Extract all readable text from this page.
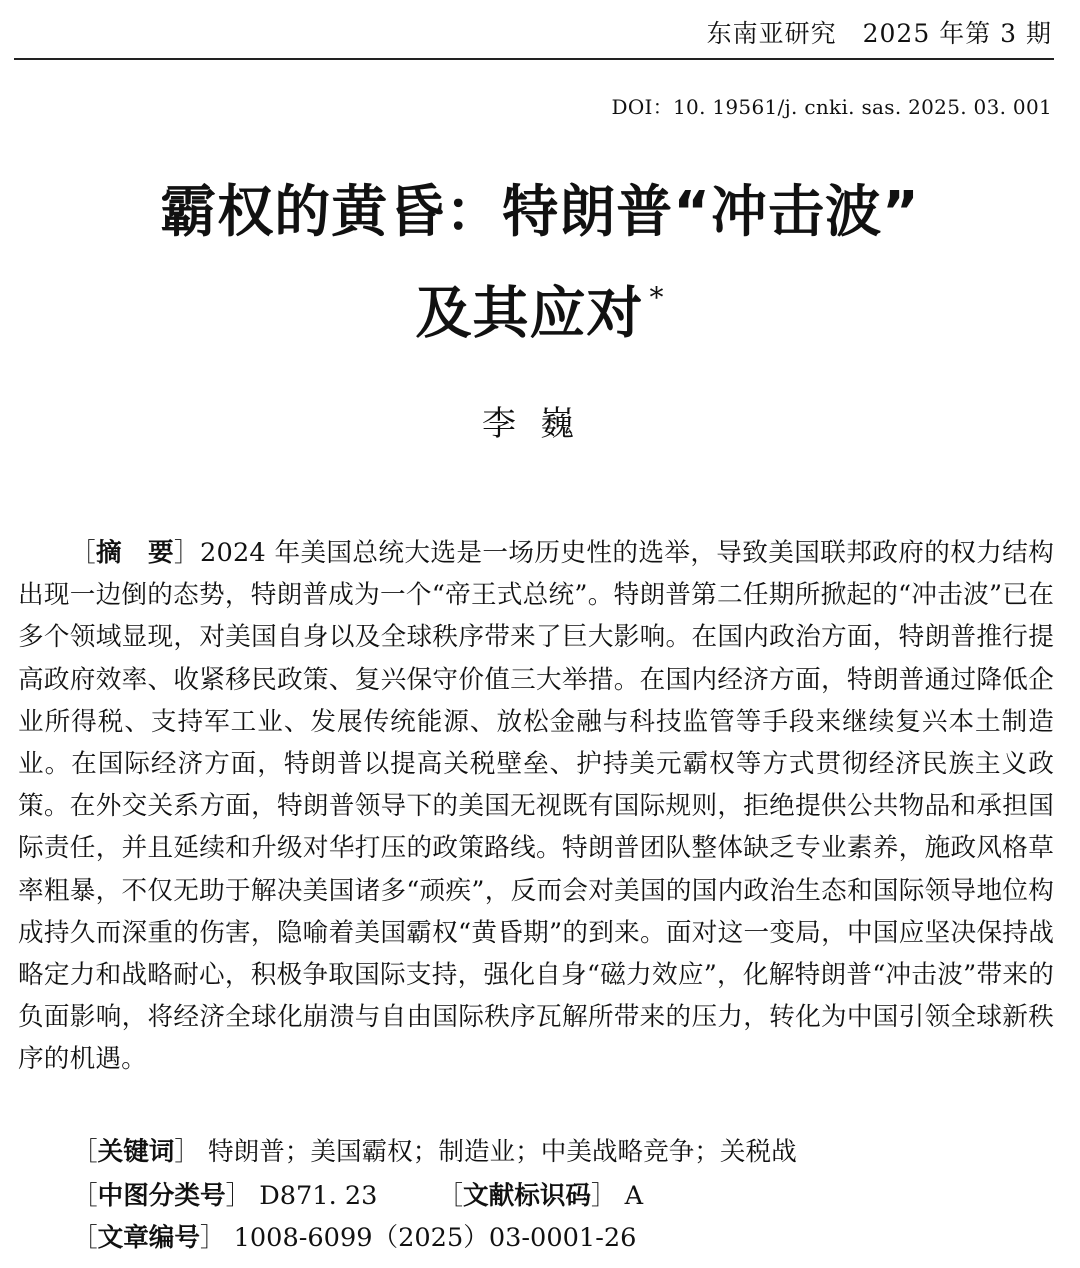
东南亚研究 2025 年第 3 期
DOI：10. 19561/j. cnki. sas. 2025. 03. 001
霸权的黄昏：特朗普“冲击波”
及其应对 *
李巍

［摘　要］2024 年美国总统大选是一场历史性的选举，导致美国联邦政府的权力结构出现一边倒的态势，特朗普成为一个“帝王式总统”。特朗普第二任期所掀起的“冲击波”已在多个领域显现，对美国自身以及全球秩序带来了巨大影响。在国内政治方面，特朗普推行提高政府效率、收紧移民政策、复兴保守价值三大举措。在国内经济方面，特朗普通过降低企业所得税、支持军工业、发展传统能源、放松金融与科技监管等手段来继续复兴本土制造业。在国际经济方面，特朗普以提高关税壁垒、护持美元霸权等方式贯彻经济民族主义政策。在外交关系方面，特朗普领导下的美国无视既有国际规则，拒绝提供公共物品和承担国际责任，并且延续和升级对华打压的政策路线。特朗普团队整体缺乏专业素养，施政风格草率粗暴，不仅无助于解决美国诸多“顽疾”，反而会对美国的国内政治生态和国际领导地位构成持久而深重的伤害，隐喻着美国霸权“黄昏期”的到来。面对这一变局，中国应坚决保持战略定力和战略耐心，积极争取国际支持，强化自身“磁力效应”，化解特朗普“冲击波”带来的负面影响，将经济全球化崩溃与自由国际秩序瓦解所带来的压力，转化为中国引领全球新秩序的机遇。

［关键词］ 特朗普；美国霸权；制造业；中美战略竞争；关税战
［中图分类号］ D871. 23 ［文献标识码］ A
［文章编号］ 1008-6099（2025）03-0001-26
